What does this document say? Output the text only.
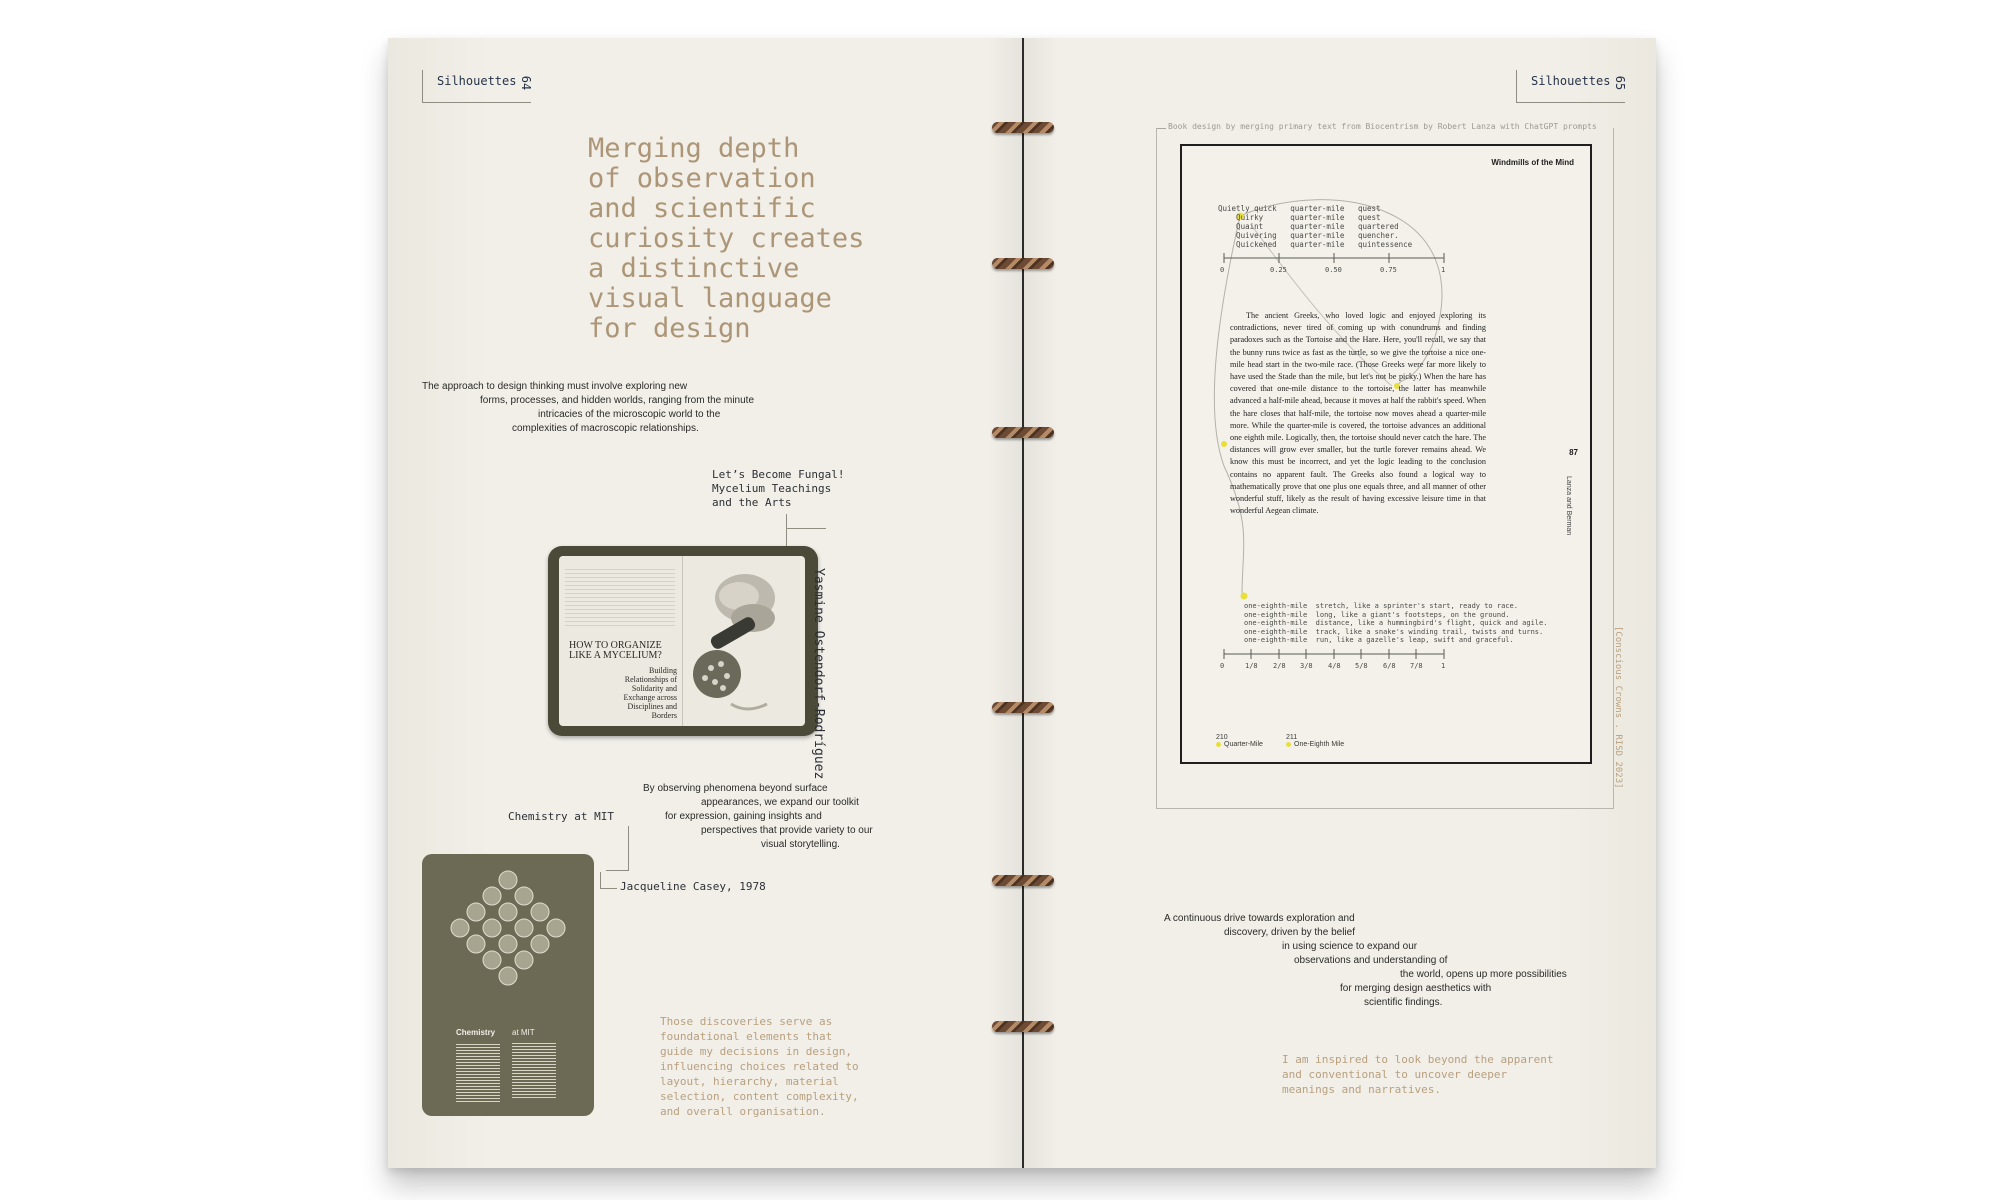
Silhouettes 64
Merging depth
of observation
and scientific
curiosity creates
a distinctive
visual language
for design
The approach to design thinking must involve exploring new
forms, processes, and hidden worlds, ranging from the minute
intricacies of the microscopic world to the
complexities of macroscopic relationships.
Let’s Become Fungal!
Mycelium Teachings
and the Arts
HOW TO ORGANIZE
LIKE A MYCELIUM?
Building
Relationships of
Solidarity and
Exchange across
Disciplines and
Borders	Yasmine Ostendorf-Rodríguez
By observing phenomena beyond surface
appearances, we expand our toolkit
for expression, gaining insights and
perspectives that provide variety to our
visual storytelling.
Chemistry at MIT
Jacqueline Casey, 1978
Chemistry at MIT
Those discoveries serve as
foundational elements that
guide my decisions in design,
influencing choices related to
layout, hierarchy, material
selection, content complexity,
and overall organisation.
Silhouettes 65
Book design by merging primary text from Biocentrism by Robert Lanza with ChatGPT prompts
Windmills of the Mind
Quietly quick   quarter-mile   quest
Quirky      quarter-mile   quest
Quaint      quarter-mile   quartered
Quivering   quarter-mile   quencher.
Quickened   quarter-mile   quintessence
0	0.25	0.50	0.75	1
The ancient Greeks, who loved logic and enjoyed exploring its contradictions, never tired of coming up with conundrums and finding paradoxes such as the Tortoise and the Hare. Here, you'll recall, we say that the bunny runs twice as fast as the turtle, so we give the tortoise a nice one-mile head start in the two-mile race. (Those Greeks were far more likely to have used the Stade than the mile, but let's not be picky.) When the hare has covered that one-mile distance to the tortoise, the latter has meanwhile advanced a half-mile ahead, because it moves at half the rabbit's speed. When the hare closes that half-mile, the tortoise now moves ahead a quarter-mile more. While the quarter-mile is covered, the tortoise advances an additional one eighth mile. Logically, then, the tortoise should never catch the hare. The distances will grow ever smaller, but the turtle forever remains ahead. We know this must be incorrect, and yet the logic leading to the conclusion contains no apparent fault. The Greeks also found a logical way to mathematically prove that one plus one equals three, and all manner of other wonderful stuff, likely as the result of having excessive leisure time in that wonderful Aegean climate.
87
Lanza and Berman
one-eighth-mile  stretch, like a sprinter's start, ready to race.
one-eighth-mile  long, like a giant's footsteps, on the ground.
one-eighth-mile  distance, like a hummingbird's flight, quick and agile.
one-eighth-mile  track, like a snake's winding trail, twists and turns.
one-eighth-mile  run, like a gazelle's leap, swift and graceful.
0	1/8 2/8 3/8 4/8 5/8 6/8 7/8	1
210
Quarter-Mile
211
One-Eighth Mile	[Conscious Crowns . RISD 2023]
A continuous drive towards exploration and
discovery, driven by the belief
in using science to expand our
observations and understanding of
the world, opens up more possibilities
for merging design aesthetics with
scientific findings.
I am inspired to look beyond the apparent
and conventional to uncover deeper
meanings and narratives.
